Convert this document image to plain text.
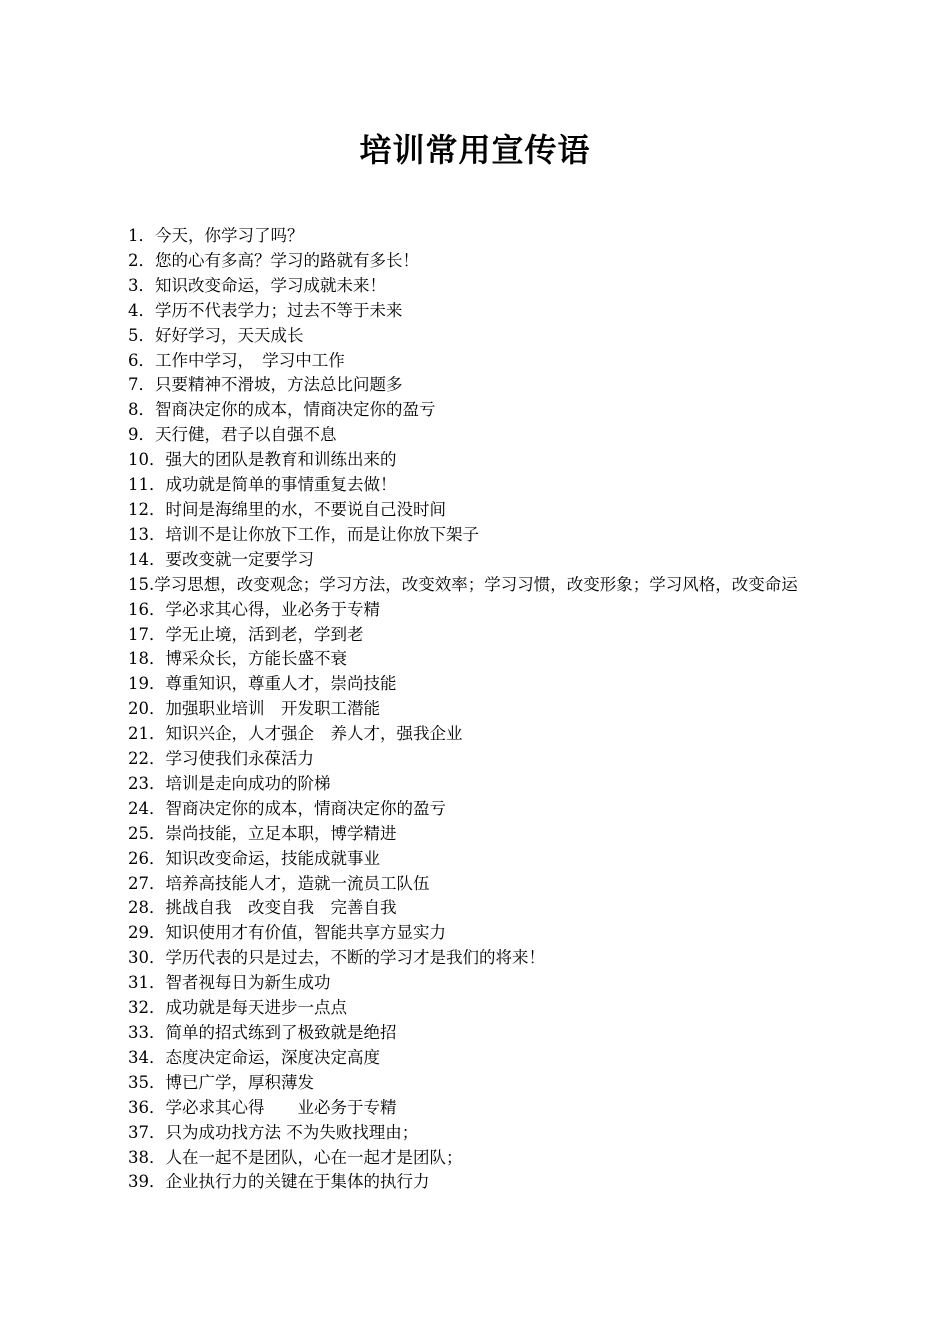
培训常用宣传语
1．今天，你学习了吗？
2．您的心有多高？学习的路就有多长！
3．知识改变命运，学习成就未来！
4．学历不代表学力；过去不等于未来
5．好好学习，天天成长
6．工作中学习，　学习中工作
7．只要精神不滑坡，方法总比问题多
8．智商决定你的成本，情商决定你的盈亏
9．天行健，君子以自强不息
10．强大的团队是教育和训练出来的
11．成功就是简单的事情重复去做！
12．时间是海绵里的水，不要说自己没时间
13．培训不是让你放下工作，而是让你放下架子
14．要改变就一定要学习
15.学习思想，改变观念；学习方法，改变效率；学习习惯，改变形象；学习风格，改变命运
16．学必求其心得，业必务于专精
17．学无止境，活到老，学到老
18．博采众长，方能长盛不衰
19．尊重知识，尊重人才，崇尚技能
20．加强职业培训　开发职工潜能
21．知识兴企，人才强企　养人才，强我企业
22．学习使我们永葆活力
23．培训是走向成功的阶梯
24．智商决定你的成本，情商决定你的盈亏
25．崇尚技能，立足本职，博学精进
26．知识改变命运，技能成就事业
27．培养高技能人才，造就一流员工队伍
28．挑战自我　改变自我　完善自我
29．知识使用才有价值，智能共享方显实力
30．学历代表的只是过去，不断的学习才是我们的将来！
31．智者视每日为新生成功
32．成功就是每天进步一点点
33．简单的招式练到了极致就是绝招
34．态度决定命运，深度决定高度
35．博已广学，厚积薄发
36．学必求其心得　　业必务于专精
37．只为成功找方法 不为失败找理由；
38．人在一起不是团队，心在一起才是团队；
39．企业执行力的关键在于集体的执行力
